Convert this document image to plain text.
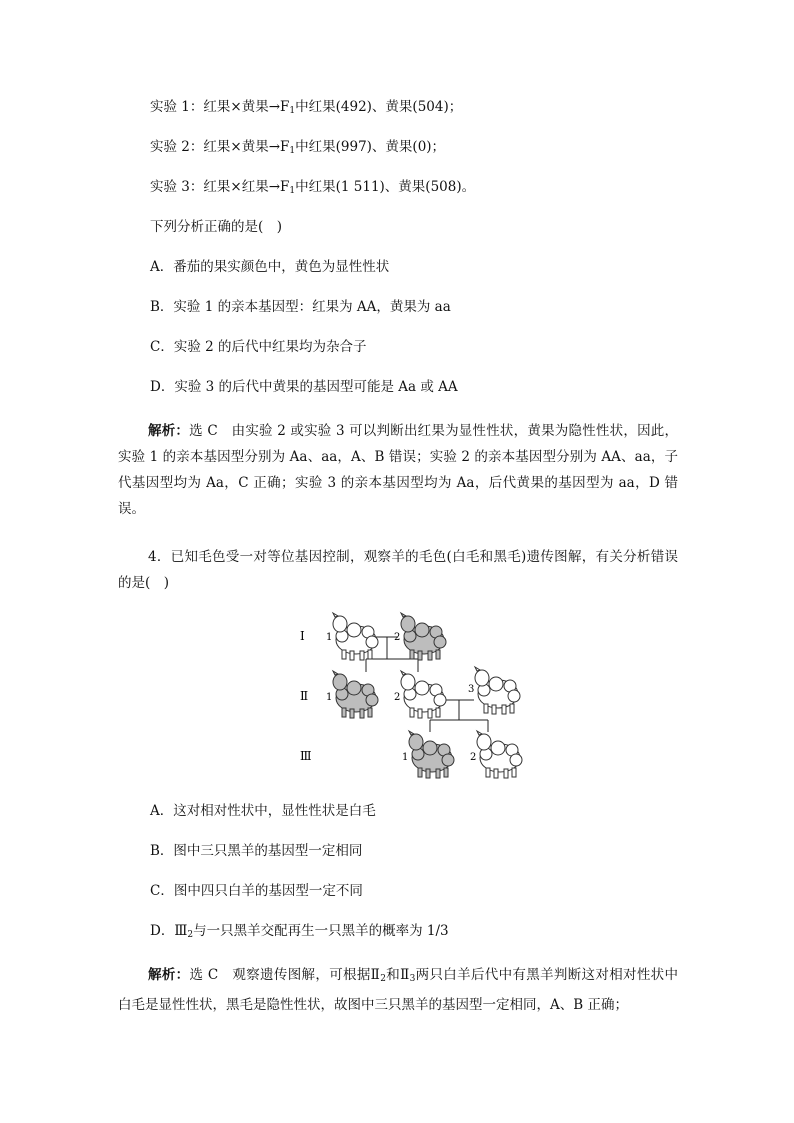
实验 1：红果×黄果$\to F_1$中红果(492)、黄果(504)；
实验 2：红果×黄果$\to F_1$中红果(997)、黄果(0)；
实验 3：红果×红果$\to F_1$中红果(1 511)、黄果(508)。
下列分析正确的是(　)
A．番茄的果实颜色中，黄色为显性性状
B．实验 1 的亲本基因型：红果为 AA，黄果为 aa
C．实验 2 的后代中红果均为杂合子
D．实验 3 的后代中黄果的基因型可能是 Aa 或 AA
解析：选 C　由实验 2 或实验 3 可以判断出红果为显性性状，黄果为隐性性状，因此，实验 1 的亲本基因型分别为 Aa、aa，A、B 错误；实验 2 的亲本基因型分别为 AA、aa，子代基因型均为 Aa，C 正确；实验 3 的亲本基因型均为 Aa，后代黄果的基因型为 aa，D 错误。
4．已知毛色受一对等位基因控制，观察羊的毛色(白毛和黑毛)遗传图解，有关分析错误的是(　)
Ⅰ
Ⅱ
Ⅲ
1	2
1	2
3
1	2
A．这对相对性状中，显性性状是白毛
B．图中三只黑羊的基因型一定相同
C．图中四只白羊的基因型一定不同
D．$Ⅲ_2$与一只黑羊交配再生一只黑羊的概率为 1/3
解析：选 C　观察遗传图解，可根据$Ⅱ_2$和$Ⅱ_3$两只白羊后代中有黑羊判断这对相对性状中白毛是显性性状，黑毛是隐性性状，故图中三只黑羊的基因型一定相同，A、B 正确；
